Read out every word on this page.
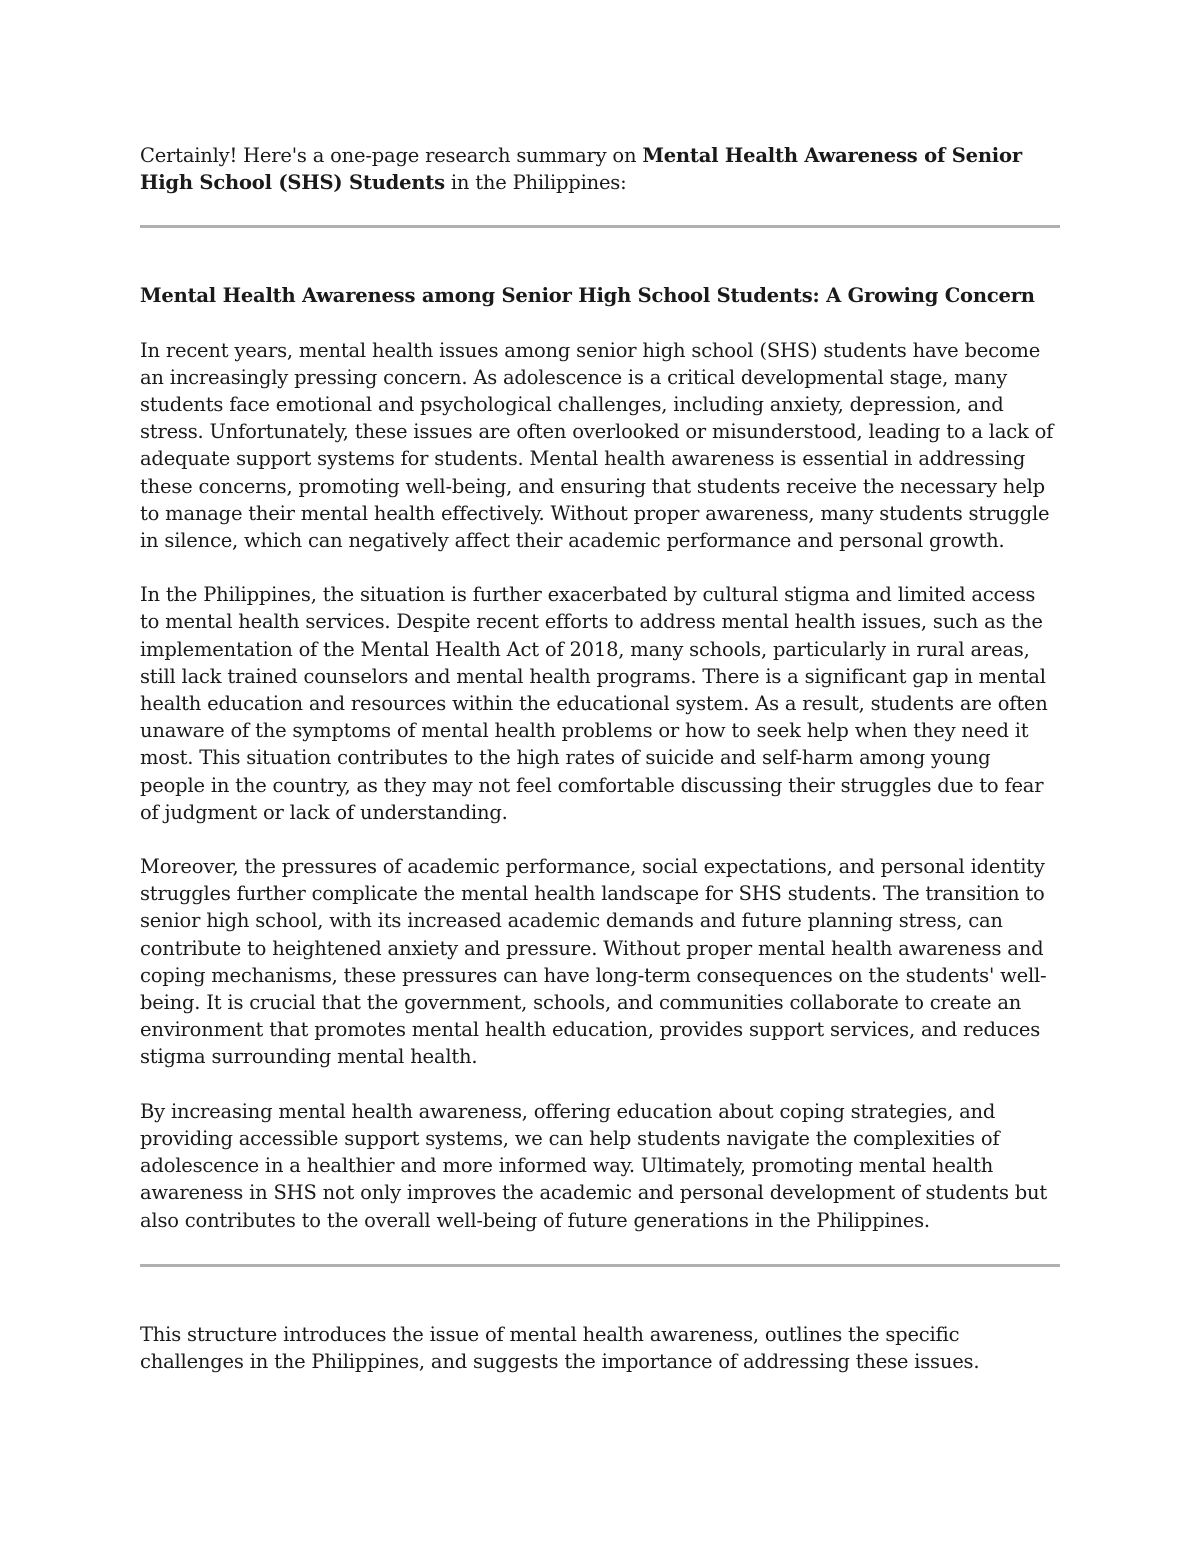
Certainly! Here's a one-page research summary on Mental Health Awareness of Senior High School (SHS) Students in the Philippines:

Mental Health Awareness among Senior High School Students: A Growing Concern

In recent years, mental health issues among senior high school (SHS) students have become an increasingly pressing concern. As adolescence is a critical developmental stage, many students face emotional and psychological challenges, including anxiety, depression, and stress. Unfortunately, these issues are often overlooked or misunderstood, leading to a lack of adequate support systems for students. Mental health awareness is essential in addressing these concerns, promoting well-being, and ensuring that students receive the necessary help to manage their mental health effectively. Without proper awareness, many students struggle in silence, which can negatively affect their academic performance and personal growth.

In the Philippines, the situation is further exacerbated by cultural stigma and limited access to mental health services. Despite recent efforts to address mental health issues, such as the implementation of the Mental Health Act of 2018, many schools, particularly in rural areas, still lack trained counselors and mental health programs. There is a significant gap in mental health education and resources within the educational system. As a result, students are often unaware of the symptoms of mental health problems or how to seek help when they need it most. This situation contributes to the high rates of suicide and self-harm among young people in the country, as they may not feel comfortable discussing their struggles due to fear of judgment or lack of understanding.

Moreover, the pressures of academic performance, social expectations, and personal identity struggles further complicate the mental health landscape for SHS students. The transition to senior high school, with its increased academic demands and future planning stress, can contribute to heightened anxiety and pressure. Without proper mental health awareness and coping mechanisms, these pressures can have long-term consequences on the students' well-being. It is crucial that the government, schools, and communities collaborate to create an environment that promotes mental health education, provides support services, and reduces stigma surrounding mental health.

By increasing mental health awareness, offering education about coping strategies, and providing accessible support systems, we can help students navigate the complexities of adolescence in a healthier and more informed way. Ultimately, promoting mental health awareness in SHS not only improves the academic and personal development of students but also contributes to the overall well-being of future generations in the Philippines.

This structure introduces the issue of mental health awareness, outlines the specific challenges in the Philippines, and suggests the importance of addressing these issues.
